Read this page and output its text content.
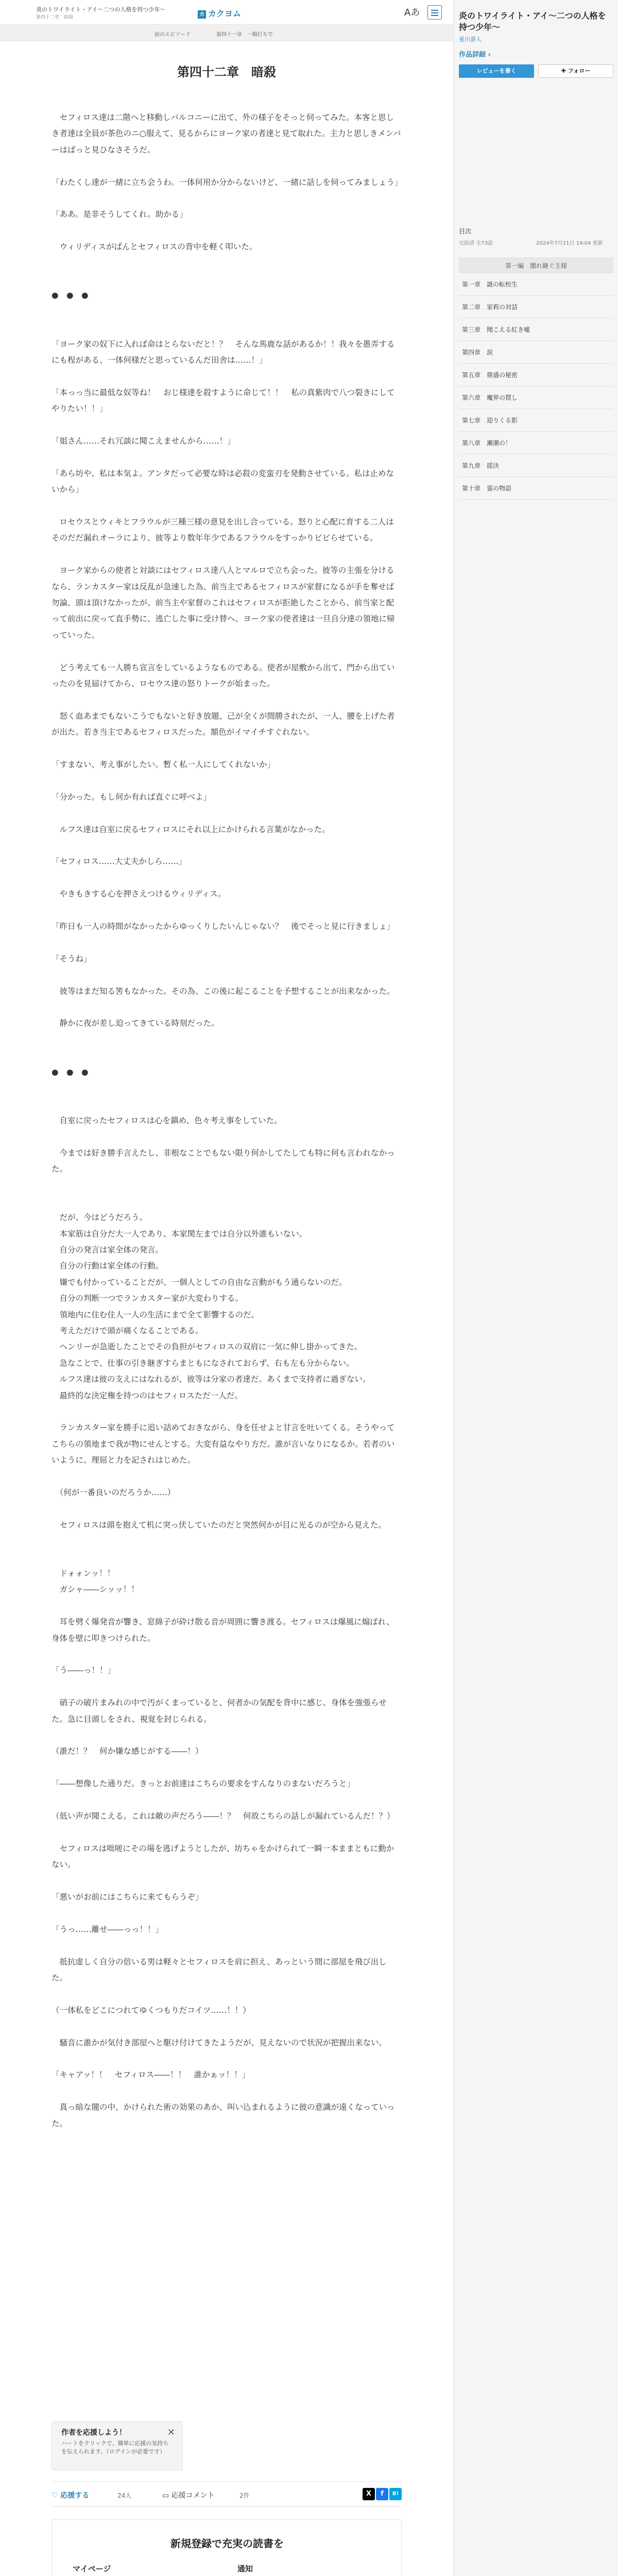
炎のトワイライト・アイ〜二つの人格を持つ少年〜
第四十二章　暗殺	カ カクヨム	Aあ
前のエピソード	第四十一章　一騎打ちで
第四十二章　暗殺

　セフィロス達は二階へと移動しバルコニーに出て、外の様子をそっと伺ってみた。本客と思しき者達は全員が茶色のニ○服えて、見るからにヨーク家の者達と見て取れた。主力と思しきメンバーはばっと見ひなさそうだ。

「わたくし達が一緒に立ち会うわ。一体何用か分からないけど、一緒に話しを伺ってみましょう」

「ああ。是非そうしてくれ。助かる」

　ウィリディスがぱんとセフィロスの背中を軽く叩いた。

●　●　●

「ヨーク家の奴下に入れば命はとらないだと！？　そんな馬鹿な話があるか！！我々を愚弄するにも程がある、一体何様だと思っているんだ田舎は……！」

「本っっ当に最低な奴等ね！　おじ様達を殺すように命じて！！　私の真紫肉で八つ裂きにしてやりたい！！」

「姐さん……それ冗談に聞こえませんから……！」

「あら坊や、私は本気よ。アンタだって必要な時は必殺の変蛮刃を発動させている。私は止めないから」

　ロセウスとウィキとフラウルが三種三様の意見を出し合っている。怒りと心配に育する二人はそのだだ漏れオーラにより、彼等より数年年少であるフラウルをすっかりビビらせている。

　ヨーク家からの使者と対談にはセフィロス達八人とマルロで立ち会った。彼等の主張を分けるなら、ランカスター家は反乱が急速した為、前当主であるセフィロスが家督になるが手を奪せば勿論、頭は頂けなかったが、前当主や家督のこれはセフィロスが拒絶したことから、前当家と配って前出に戻って直手勢に、逃亡した事に受け替へ、ヨーク家の使者達は一旦自分達の領地に帰っていった。

　どう考えても一人勝ち宣言をしているようなものである。使者が屋敷から出て、門から出ていったのを見届けてから、ロセウス達の怒りトークが始まった。

　怒く血あまでもないこうでもないと好き放題、己が全くが間勝されたが、一人、腰を上げた者が出た。若き当主であるセフィロスだった。額色がイマイチすぐれない。

「すまない、考え事がしたい。暫く私一人にしてくれないか」

「分かった。もし何か有れば直ぐに呼べよ」

　ルフス達は自室に戻るセフィロスにそれ以上にかけられる言葉がなかった。

「セフィロス……大丈夫かしら……」

　やきもきする心を押さえつけるウィリディス。

「昨日も一人の時間がなかったからゆっくりしたいんじゃない？　後でそっと見に行きましょ」

「そうね」

　彼等はまだ知る筈もなかった。その為、この後に起こることを予想することが出来なかった。

　静かに夜が差し迫ってきている時刻だった。

●　●　●

　自室に戻ったセフィロスは心を鎮め、色々考え事をしていた。

　今までは好き勝手言えたし、非根なことでもない限り何かしてたしても特に何も言われなかった。

　だが、今はどうだろう。

　本家筋は自分だ大一人であり、本家関左までは自分以外誰もいない。

　自分の発言は家全体の発言。

　自分の行動は家全体の行動。

　嫌でも付かっていることだが、一個人としての自由な言動がもう通らないのだ。

　自分の判断一つでランカスター家が大変わりする。

　領地内に住む住人一人の生活にまで全て影響するのだ。

　考えただけで頭が痛くなることである。

　ヘンリーが急逝したことでその負担がセフィロスの双肩に一気に伸し掛かってきた。

　急なことで、仕事の引き継ぎすらまともになされておらず、右も左も分からない。

　ルフス達は彼の支えにはなれるが、彼等は分家の者達だ。あくまで支持者に過ぎない。

　最終的な決定権を持つのはセフィロスただ一人だ。

　ランカスター家を勝手に追い詰めておきながら、身を任せよと甘言を吐いてくる。そうやってこちらの領地まで我が物にせんとする。大変有益なやり方だ。誰が言いなりになるか。若者のいいように、理屈と力を記されはじめた。

　（何が一番良いのだろうか……）

　セフィロスは頭を抱えて机に突っ伏していたのだと突然何かが目に光るのが空から見えた。

　ドォォンッ！！

　ガシャ――シッッ！！

　耳を劈く爆発音が響き、窓綿子が砕け散る音が周囲に響き渡る。セフィロスは爆風に煽ばれ、身体を壁に叩きつけられた。

「う――っ！！」

　硝子の破片まみれの中で汚がくまっていると、何者かの気配を背中に感じ、身体を強張らせた。急に目頭しをされ、視覚を封じられる。

（誰だ！？　何か嫌な感じがする――！）

「――想像した通りだ。きっとお前達はこちらの要求をすんなりのまないだろうと」

（低い声が聞こえる。これは敵の声だろう――！？　何故こちらの話しが漏れているんだ！？）

　セフィロスは咄嗟にその場を逃げようとしたが、坊ちゃをかけられて一瞬一本ままともに動かない。

「悪いがお前にはこちらに来てもらうぞ」

「うっ……離せ――っっ！！」

　抵抗虚しく自分の倍いる男は軽々とセフィロスを肩に担え、あっという間に部屋を飛び出した。

（一体私をどこにつれてゆくつもりだコイツ……！！）

　騒音に誰かが気付き部屋へと駆け付けてきたようだが、見えないので状況が把握出来ない。

「キャアッ！！　セフィロス――！！　誰かぁッ！！」

　真っ暗な闇の中、かけられた術の効果のあか、叫い込まれるように彼の意識が遠くなっていった。

作者を応援しよう！
ハートをクリックで、簡単に応援の気持ちを伝えられます。（ログインが必要です）
✕
♡ 応援する	24人	▭ 応援コメント	2件	X	f	B!
新規登録で充実の読書を
マイページ	通知
炎のトワイライト・アイ〜二つの人格を持つ少年〜
夏川蒼人
作品詳細 ›
レビューを書く	✚ フォロー
目次
完結済 全73話	2024年7月21日 14:04 更新
第一編　闇れ継ぐ主様
第一章　謎の転校生
第二章　家莉の対話
第三章　聞こえる紅き嘘
第四章　涙
第五章　鼎盛の秘密
第六章　魔界の罠し
第七章　迎りくる影
第八章　瀬潮の！
第九章　揺決
第十章　霊の物語
